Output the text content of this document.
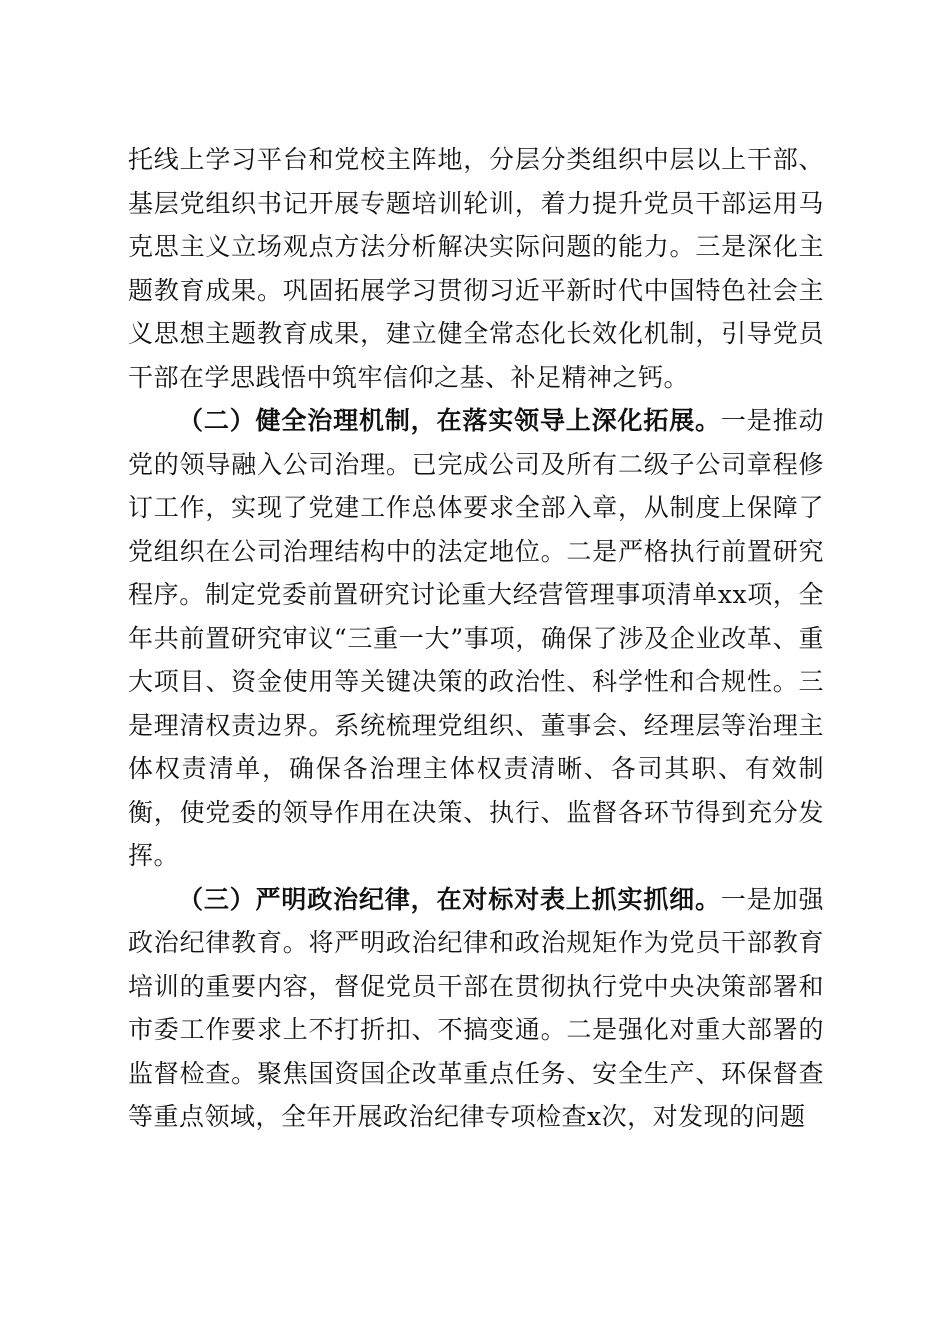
托线上学习平台和党校主阵地，分层分类组织中层以上干部、基层党组织书记开展专题培训轮训，着力提升党员干部运用马克思主义立场观点方法分析解决实际问题的能力。三是深化主题教育成果。巩固拓展学习贯彻习近平新时代中国特色社会主义思想主题教育成果，建立健全常态化长效化机制，引导党员干部在学思践悟中筑牢信仰之基、补足精神之钙。

（二）健全治理机制，在落实领导上深化拓展。一是推动党的领导融入公司治理。已完成公司及所有二级子公司章程修订工作，实现了党建工作总体要求全部入章，从制度上保障了党组织在公司治理结构中的法定地位。二是严格执行前置研究程序。制定党委前置研究讨论重大经营管理事项清单xx项，全年共前置研究审议“三重一大”事项，确保了涉及企业改革、重大项目、资金使用等关键决策的政治性、科学性和合规性。三是理清权责边界。系统梳理党组织、董事会、经理层等治理主体权责清单，确保各治理主体权责清晰、各司其职、有效制衡，使党委的领导作用在决策、执行、监督各环节得到充分发挥。

（三）严明政治纪律，在对标对表上抓实抓细。一是加强政治纪律教育。将严明政治纪律和政治规矩作为党员干部教育培训的重要内容，督促党员干部在贯彻执行党中央决策部署和市委工作要求上不打折扣、不搞变通。二是强化对重大部署的监督检查。聚焦国资国企改革重点任务、安全生产、环保督查等重点领域，全年开展政治纪律专项检查x次，对发现的问题
